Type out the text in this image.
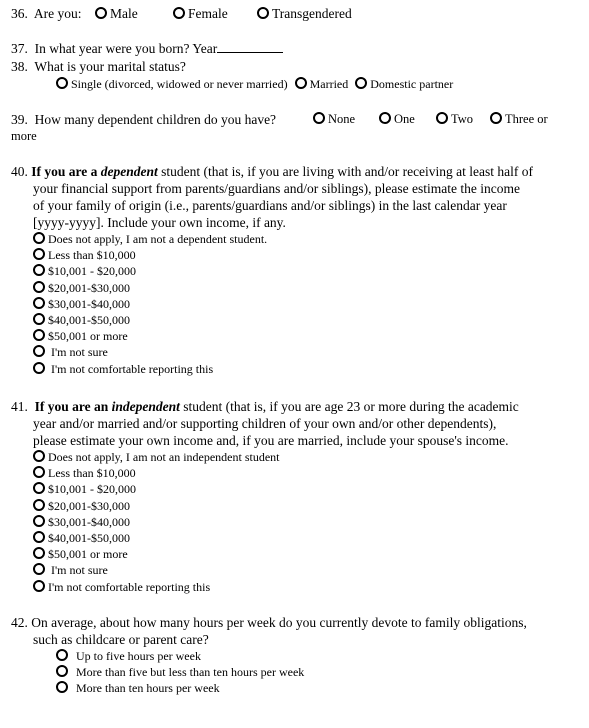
36. Are you:	Male	Female	Transgendered
37. In what year were you born? Year
38. What is your marital status?
Single (divorced, widowed or never married) Married Domestic partner
39. How many dependent children do you have?	None	One	Two	Three or
more
40. If you are a dependent student (that is, if you are living with and/or receiving at least half of
your financial support from parents/guardians and/or siblings), please estimate the income
of your family of origin (i.e., parents/guardians and/or siblings) in the last calendar year
[yyyy-yyyy]. Include your own income, if any.
Does not apply, I am not a dependent student.
Less than $10,000
$10,001 - $20,000
$20,001-$30,000
$30,001-$40,000
$40,001-$50,000
$50,001 or more
I'm not sure
I'm not comfortable reporting this
41. If you are an independent student (that is, if you are age 23 or more during the academic
year and/or married and/or supporting children of your own and/or other dependents),
please estimate your own income and, if you are married, include your spouse's income.
Does not apply, I am not an independent student
Less than $10,000
$10,001 - $20,000
$20,001-$30,000
$30,001-$40,000
$40,001-$50,000
$50,001 or more
I'm not sure
I'm not comfortable reporting this
42. On average, about how many hours per week do you currently devote to family obligations,
such as childcare or parent care?
Up to five hours per week
More than five but less than ten hours per week
More than ten hours per week
